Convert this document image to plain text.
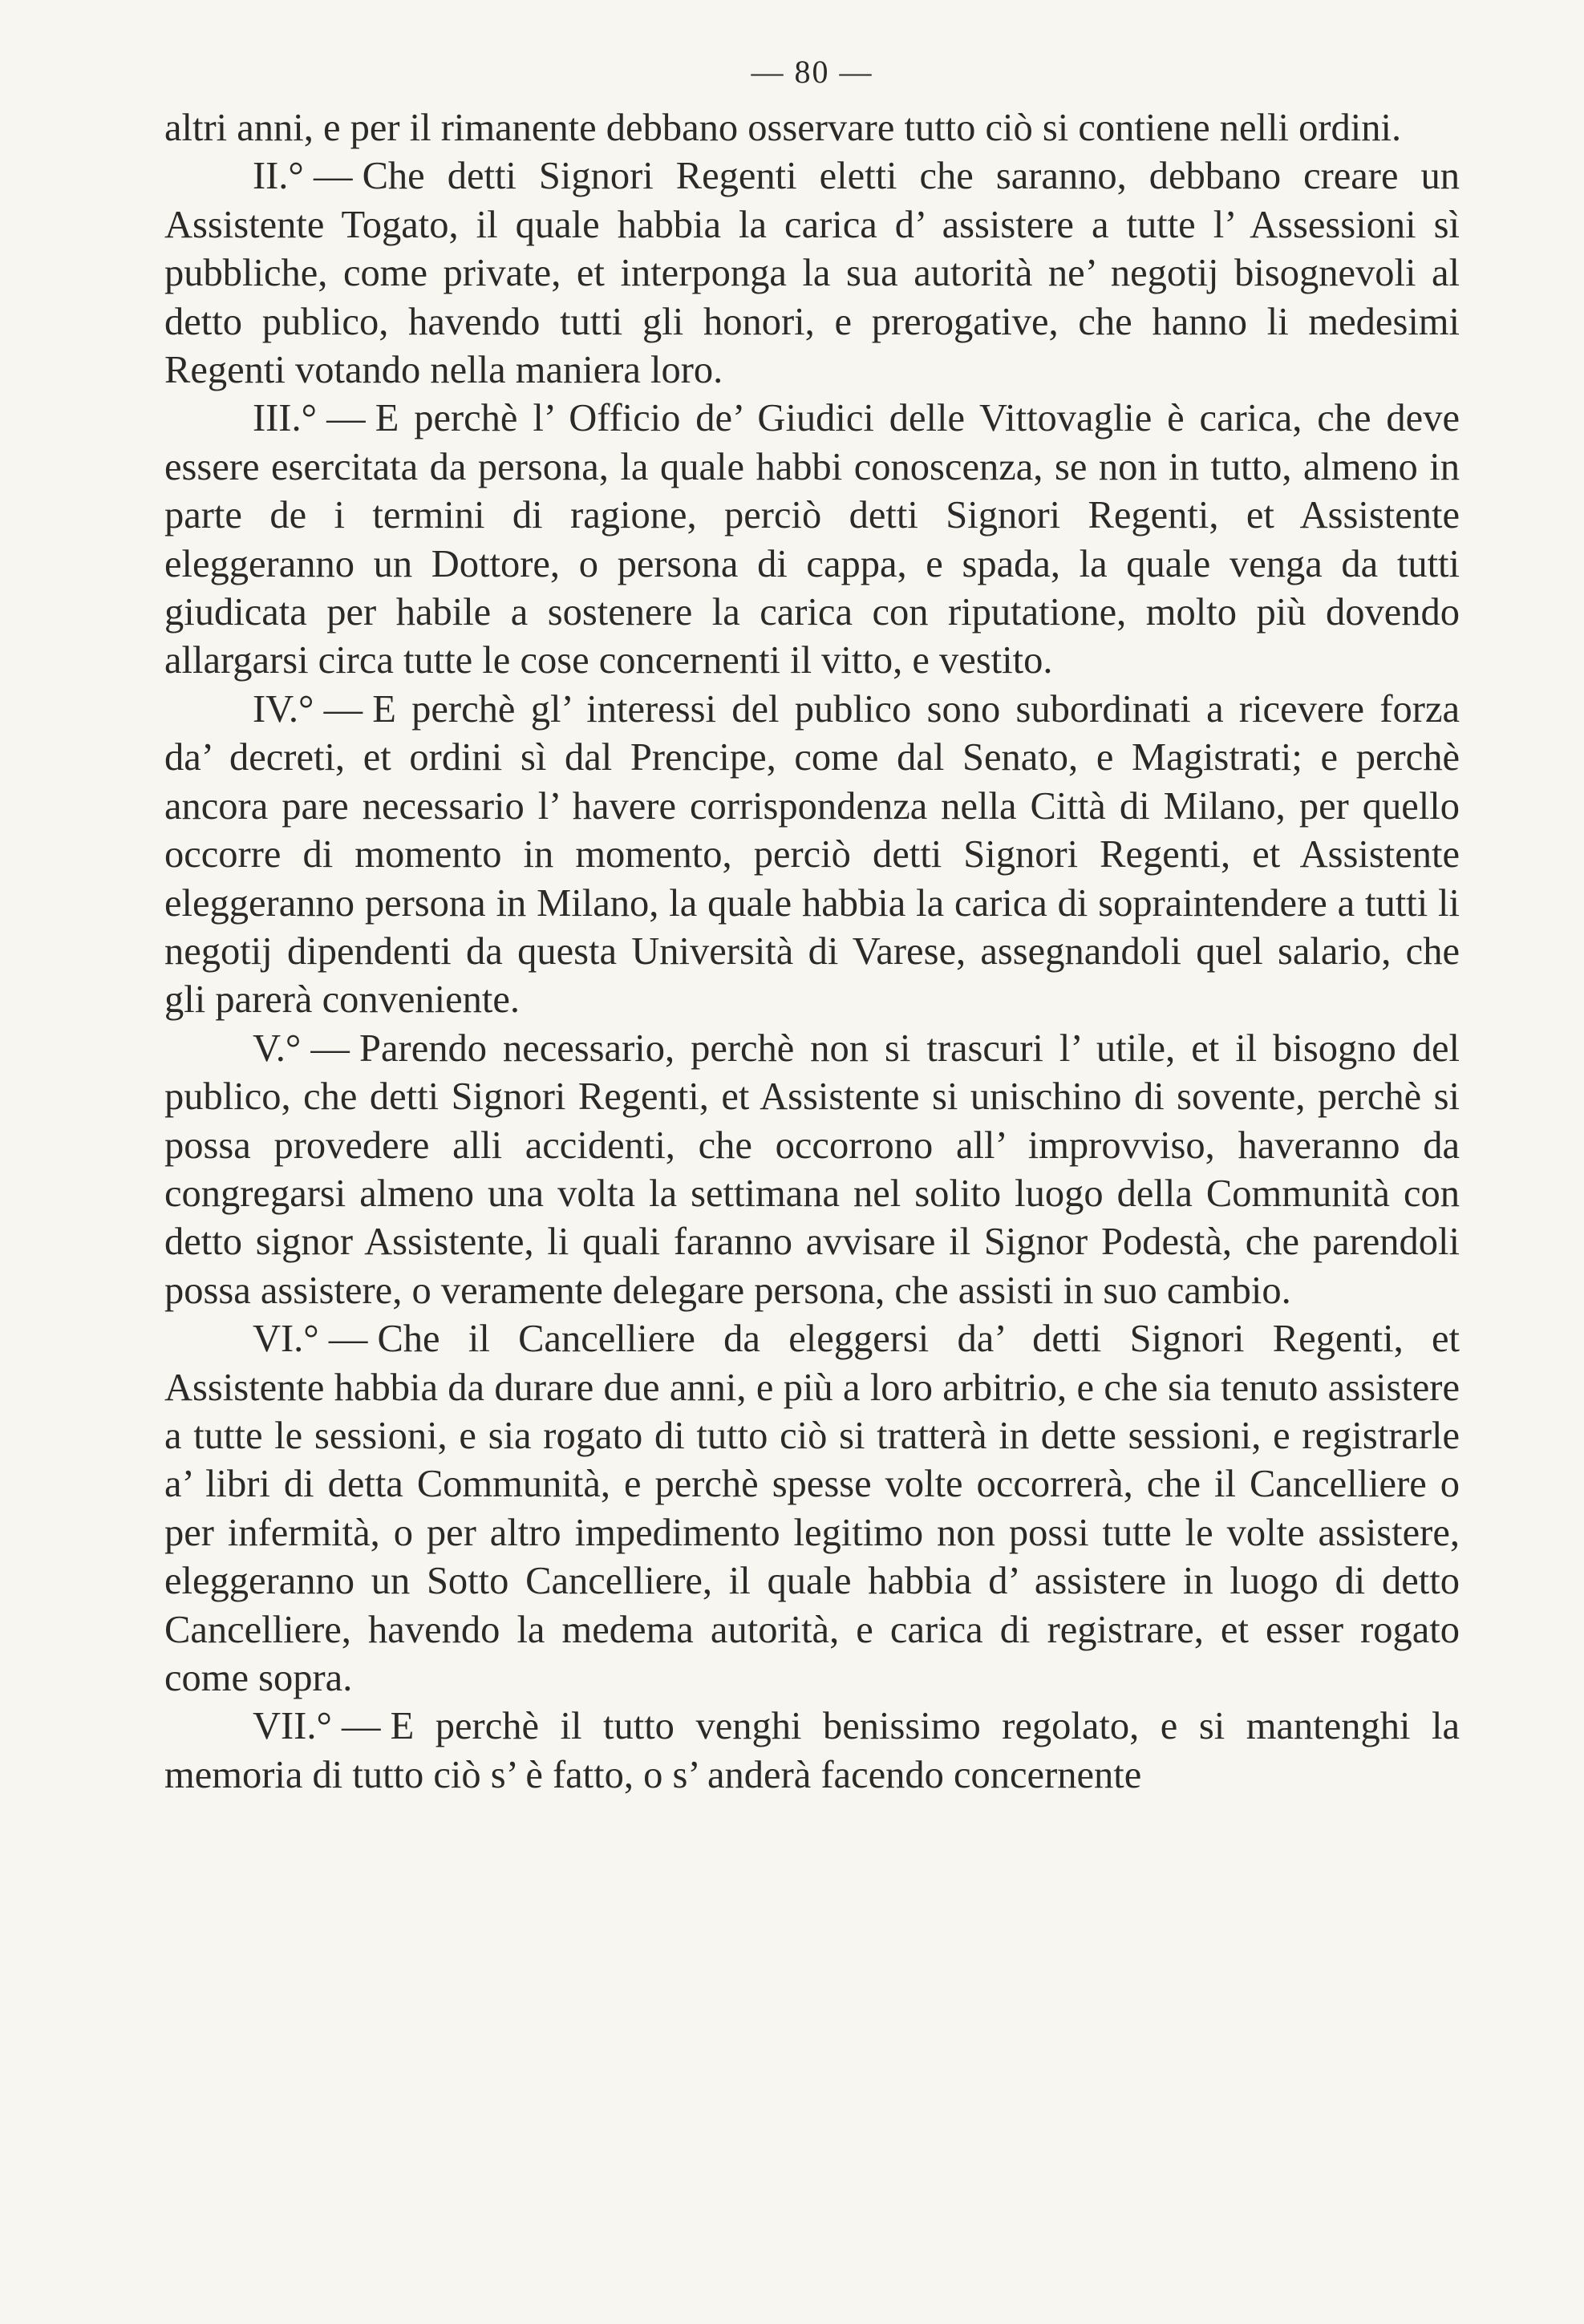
— 80 —

altri anni, e per il rimanente debbano osservare tutto ciò si contiene nelli ordini.

II.° — Che detti Signori Regenti eletti che saranno, debbano creare un Assistente Togato, il quale habbia la carica d’ assistere a tutte l’ Assessioni sì pubbliche, come private, et interponga la sua autorità ne’ negotij bisognevoli al detto publico, havendo tutti gli honori, e prerogative, che hanno li medesimi Regenti votando nella maniera loro.

III.° — E perchè l’ Officio de’ Giudici delle Vittovaglie è carica, che deve essere esercitata da persona, la quale habbi conoscenza, se non in tutto, almeno in parte de i termini di ragione, perciò detti Signori Regenti, et Assistente eleggeranno un Dottore, o persona di cappa, e spada, la quale venga da tutti giudicata per habile a sostenere la carica con riputatione, molto più dovendo allargarsi circa tutte le cose concernenti il vitto, e vestito.

IV.° — E perchè gl’ interessi del publico sono subordinati a ricevere forza da’ decreti, et ordini sì dal Prencipe, come dal Senato, e Magistrati; e perchè ancora pare necessario l’ havere corrispondenza nella Città di Milano, per quello occorre di momento in momento, perciò detti Signori Regenti, et Assistente eleggeranno persona in Milano, la quale habbia la carica di sopraintendere a tutti li negotij dipendenti da questa Università di Varese, assegnandoli quel salario, che gli parerà conveniente.

V.° — Parendo necessario, perchè non si trascuri l’ utile, et il bisogno del publico, che detti Signori Regenti, et Assistente si unischino di sovente, perchè si possa provedere alli accidenti, che occorrono all’ improvviso, haveranno da congregarsi almeno una volta la settimana nel solito luogo della Communità con detto signor Assistente, li quali faranno avvisare il Signor Podestà, che parendoli possa assistere, o veramente delegare persona, che assisti in suo cambio.

VI.° — Che il Cancelliere da eleggersi da’ detti Signori Regenti, et Assistente habbia da durare due anni, e più a loro arbitrio, e che sia tenuto assistere a tutte le sessioni, e sia rogato di tutto ciò si tratterà in dette sessioni, e registrarle a’ libri di detta Communità, e perchè spesse volte occorrerà, che il Cancelliere o per infermità, o per altro impedimento legitimo non possi tutte le volte assistere, eleggeranno un Sotto Cancelliere, il quale habbia d’ assistere in luogo di detto Cancelliere, havendo la medema autorità, e carica di registrare, et esser rogato come sopra.

VII.° — E perchè il tutto venghi benissimo regolato, e si mantenghi la memoria di tutto ciò s’ è fatto, o s’ anderà facendo concernente
